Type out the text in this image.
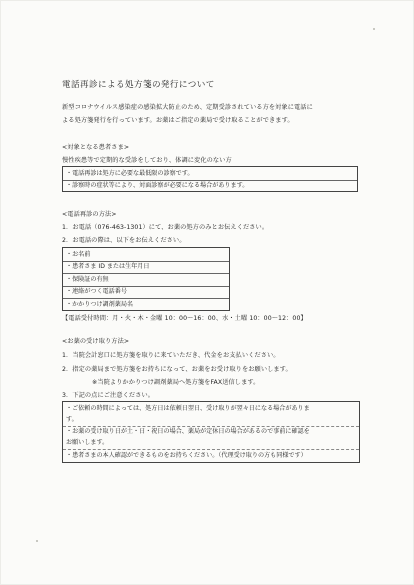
電話再診による処方箋の発行について
新型コロナウイルス感染症の感染拡大防止のため、定期受診されている方を対象に電話に
よる処方箋発行を行っています。お薬はご指定の薬局で受け取ることができます。
<対象となる患者さま>
慢性疾患等で定期的な受診をしており、体調に変化のない方
・電話再診は処方に必要な最低限の診察です。
・診察時の症状等により、対面診察が必要になる場合があります。
<電話再診の方法>
1．お電話（076-463-1301）にて、お薬の処方のみとお伝えください。
2．お電話の際は、以下をお伝えください。
・お名前
・患者さま ID または生年月日
・保険証の有無
・連絡がつく電話番号
・かかりつけ調剤薬局名
【電話受付時間：月・火・木・金曜 10：00～16：00、水・土曜 10：00～12：00】
<お薬の受け取り方法>
1．当院会計窓口に処方箋を取りに来ていただき、代金をお支払いください。
2．指定の薬局まで処方箋をお持ちになって、お薬をお受け取りをお願いします。
※当院よりかかりつけ調剤薬局へ処方箋をFAX送信します。
3．下記の点にご注意ください。
・ご依頼の時間によっては、処方日は依頼日翌日、受け取りが翌々日になる場合がありま
す。
・お薬の受け取り日が土・日・祝日の場合、薬局が定休日の場合があるので事前に確認を
お願いします。
・患者さまの本人確認ができるものをお持ちください。（代理受け取りの方も同様です）
